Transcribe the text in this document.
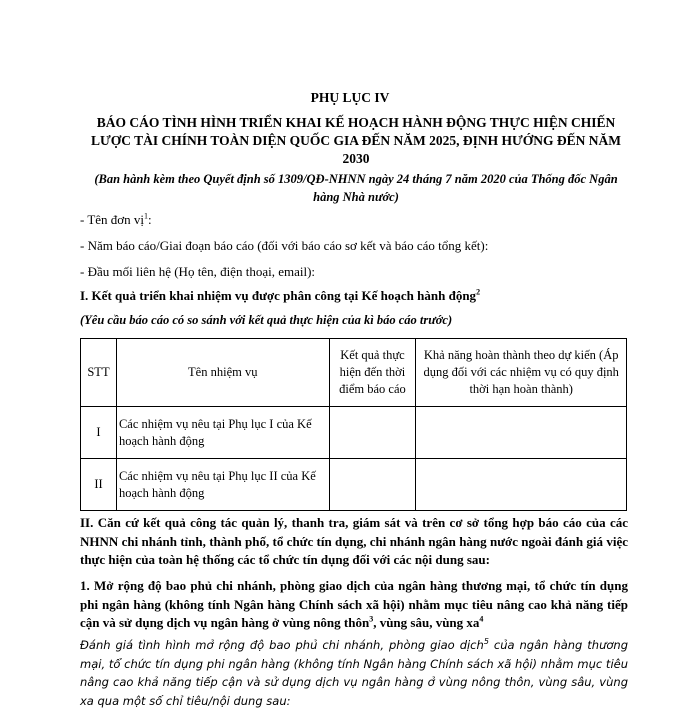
PHỤ LỤC IV
BÁO CÁO TÌNH HÌNH TRIỂN KHAI KẾ HOẠCH HÀNH ĐỘNG THỰC HIỆN CHIẾN LƯỢC TÀI CHÍNH TOÀN DIỆN QUỐC GIA ĐẾN NĂM 2025, ĐỊNH HƯỚNG ĐẾN NĂM 2030
(Ban hành kèm theo Quyết định số 1309/QĐ-NHNN ngày 24 tháng 7 năm 2020 của Thống đốc Ngân hàng Nhà nước)
- Tên đơn vị$^1$:
- Năm báo cáo/Giai đoạn báo cáo (đối với báo cáo sơ kết và báo cáo tổng kết):
- Đầu mối liên hệ (Họ tên, điện thoại, email):
I. Kết quả triển khai nhiệm vụ được phân công tại Kế hoạch hành động$^2$
(Yêu cầu báo cáo có so sánh với kết quả thực hiện của kì báo cáo trước)
STT	Tên nhiệm vụ	Kết quả thực hiện đến thời điểm báo cáo	Khả năng hoàn thành theo dự kiến (Áp dụng đối với các nhiệm vụ có quy định thời hạn hoàn thành)
I	Các nhiệm vụ nêu tại Phụ lục I của Kế hoạch hành động		
II	Các nhiệm vụ nêu tại Phụ lục II của Kế hoạch hành động		
II. Căn cứ kết quả công tác quản lý, thanh tra, giám sát và trên cơ sở tổng hợp báo cáo của các NHNN chi nhánh tỉnh, thành phố, tổ chức tín dụng, chi nhánh ngân hàng nước ngoài đánh giá việc thực hiện của toàn hệ thống các tổ chức tín dụng đối với các nội dung sau:
1. Mở rộng độ bao phủ chi nhánh, phòng giao dịch của ngân hàng thương mại, tổ chức tín dụng phi ngân hàng (không tính Ngân hàng Chính sách xã hội) nhằm mục tiêu nâng cao khả năng tiếp cận và sử dụng dịch vụ ngân hàng ở vùng nông thôn$^3$, vùng sâu, vùng $xa^4$
Đánh giá tình hình mở rộng độ bao phủ chi nhánh, phòng giao dịch$^5$ của ngân hàng thương mại, tổ chức tín dụng phi ngân hàng (không tính Ngân hàng Chính sách xã hội) nhằm mục tiêu nâng cao khả năng tiếp cận và sử dụng dịch vụ ngân hàng ở vùng nông thôn, vùng sâu, vùng xa qua một số chỉ tiêu/nội dung sau:
